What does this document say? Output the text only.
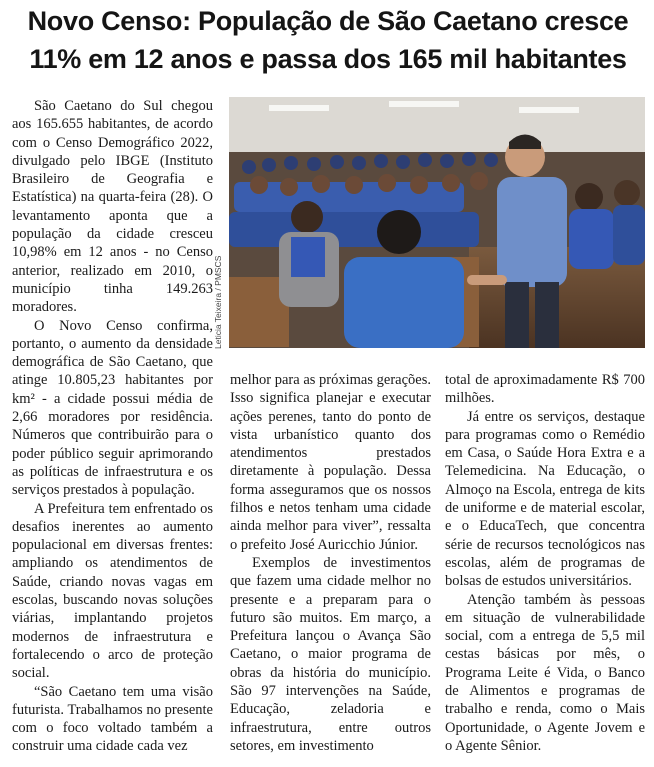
Novo Censo: População de São Caetano cresce 11% em 12 anos e passa dos 165 mil habitantes

São Caetano do Sul chegou aos 165.655 habitantes, de acordo com o Censo Demográfico 2022, divulgado pelo IBGE (Instituto Brasileiro de Geografia e Estatística) na quarta-feira (28). O levantamento aponta que a população da cidade cresceu 10,98% em 12 anos - no Censo anterior, realizado em 2010, o município tinha 149.263 moradores.

O Novo Censo confirma, portanto, o aumento da densidade demográfica de São Caetano, que atinge 10.805,23 habitantes por km² - a cidade possui média de 2,66 moradores por residência. Números que contribuirão para o poder público seguir aprimorando as políticas de infraestrutura e os serviços prestados à população.

A Prefeitura tem enfrentado os desafios inerentes ao aumento populacional em diversas frentes: ampliando os atendimentos de Saúde, criando novas vagas em escolas, buscando novas soluções viárias, implantando projetos modernos de infraestrutura e fortalecendo o arco de proteção social.

“São Caetano tem uma visão futurista. Trabalhamos no presente com o foco voltado também a construir uma cidade cada vez

Leticia Teixeira / PMSCS

melhor para as próximas gerações. Isso significa planejar e executar ações perenes, tanto do ponto de vista urbanístico quanto dos atendimentos prestados diretamente à população. Dessa forma asseguramos que os nossos filhos e netos tenham uma cidade ainda melhor para viver”, ressalta o prefeito José Auricchio Júnior.

Exemplos de investimentos que fazem uma cidade melhor no presente e a preparam para o futuro são muitos. Em março, a Prefeitura lançou o Avança São Caetano, o maior programa de obras da história do município. São 97 intervenções na Saúde, Educação, zeladoria e infraestrutura, entre outros setores, em investimento

total de aproximadamente R$ 700 milhões.

Já entre os serviços, destaque para programas como o Remédio em Casa, o Saúde Hora Extra e a Telemedicina. Na Educação, o Almoço na Escola, entrega de kits de uniforme e de material escolar, e o EducaTech, que concentra série de recursos tecnológicos nas escolas, além de programas de bolsas de estudos universitários.

Atenção também às pessoas em situação de vulnerabilidade social, com a entrega de 5,5 mil cestas básicas por mês, o Programa Leite é Vida, o Banco de Alimentos e programas de trabalho e renda, como o Mais Oportunidade, o Agente Jovem e o Agente Sênior.
